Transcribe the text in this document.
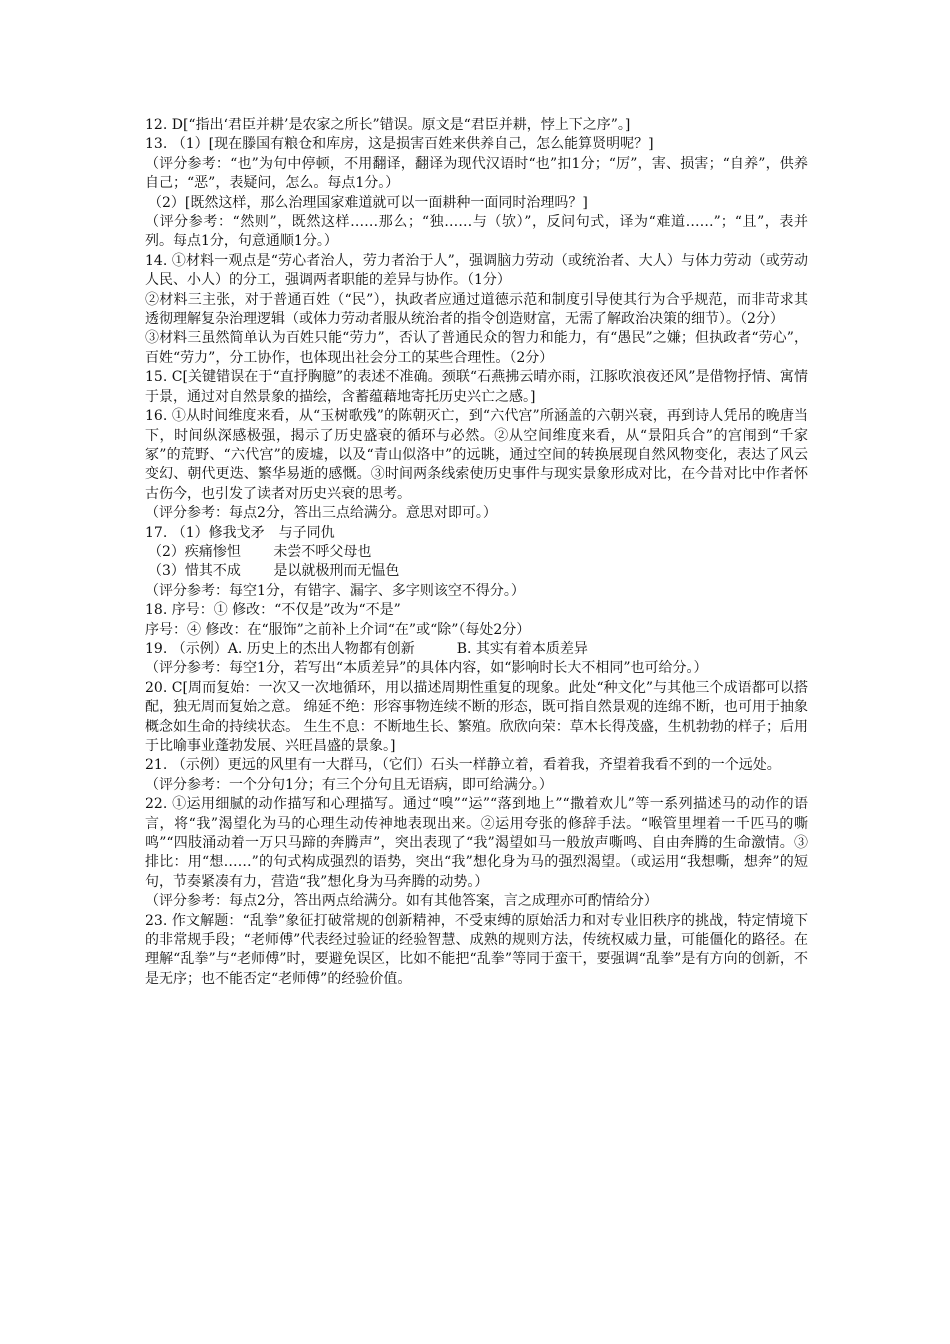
12. D[“指出‘君臣并耕’是农家之所长”错误。原文是“君臣并耕，悖上下之序”。]

13. （1）[现在滕国有粮仓和库房，这是损害百姓来供养自己，怎么能算贤明呢？]

（评分参考：“也”为句中停顿，不用翻译，翻译为现代汉语时“也”扣1分；“厉”，害、损害；“自养”，供养自己；“恶”，表疑问，怎么。每点1分。）

（2）[既然这样，那么治理国家难道就可以一面耕种一面同时治理吗？]

（评分参考：“然则”，既然这样……那么；“独……与（欤）”，反问句式，译为“难道……”；“且”，表并列。每点1分，句意通顺1分。）

14. ①材料一观点是“劳心者治人，劳力者治于人”，强调脑力劳动（或统治者、大人）与体力劳动（或劳动人民、小人）的分工，强调两者职能的差异与协作。（1分）

②材料三主张，对于普通百姓（“民”），执政者应通过道德示范和制度引导使其行为合乎规范，而非苛求其透彻理解复杂治理逻辑（或体力劳动者服从统治者的指令创造财富，无需了解政治决策的细节）。（2分）

③材料三虽然简单认为百姓只能“劳力”，否认了普通民众的智力和能力，有“愚民”之嫌；但执政者“劳心”，百姓“劳力”，分工协作，也体现出社会分工的某些合理性。（2分）

15. C[关键错误在于“直抒胸臆”的表述不准确。颈联“石燕拂云晴亦雨，江豚吹浪夜还风”是借物抒情、寓情于景，通过对自然景象的描绘，含蓄蕴藉地寄托历史兴亡之感。]

16. ①从时间维度来看，从“玉树歌残”的陈朝灭亡，到“六代宫”所涵盖的六朝兴衰，再到诗人凭吊的晚唐当下，时间纵深感极强，揭示了历史盛衰的循环与必然。②从空间维度来看，从“景阳兵合”的宫闱到“千家冢”的荒野、“六代宫”的废墟，以及“青山似洛中”的远眺，通过空间的转换展现自然风物变化，表达了风云变幻、朝代更迭、繁华易逝的感慨。③时间两条线索使历史事件与现实景象形成对比，在今昔对比中作者怀古伤今，也引发了读者对历史兴衰的思考。

（评分参考：每点2分，答出三点给满分。意思对即可。）

17. （1）修我戈矛　与子同仇

（2）疾痛惨怛　　 未尝不呼父母也

（3）惜其不成　　 是以就极刑而无愠色

（评分参考：每空1分，有错字、漏字、多字则该空不得分。）

18. 序号：① 修改：“不仅是”改为“不是”

序号：④ 修改：在“服饰”之前补上介词“在”或“除”（每处2分）

19. （示例）A. 历史上的杰出人物都有创新　　　B. 其实有着本质差异

（评分参考：每空1分，若写出“本质差异”的具体内容，如“影响时长大不相同”也可给分。）

20. C[周而复始：一次又一次地循环，用以描述周期性重复的现象。此处“种文化”与其他三个成语都可以搭配，独无周而复始之意。 绵延不绝：形容事物连续不断的形态，既可指自然景观的连绵不断，也可用于抽象概念如生命的持续状态。 生生不息：不断地生长、繁殖。欣欣向荣：草木长得茂盛，生机勃勃的样子；后用于比喻事业蓬勃发展、兴旺昌盛的景象。]

21. （示例）更远的风里有一大群马，（它们）石头一样静立着，看着我，齐望着我看不到的一个远处。

（评分参考：一个分句1分；有三个分句且无语病，即可给满分。）

22. ①运用细腻的动作描写和心理描写。通过“嗅”“运”“落到地上”“撒着欢儿”等一系列描述马的动作的语言，将“我”渴望化为马的心理生动传神地表现出来。②运用夸张的修辞手法。“喉管里埋着一千匹马的嘶鸣”“四肢涌动着一万只马蹄的奔腾声”，突出表现了“我”渴望如马一般放声嘶鸣、自由奔腾的生命激情。③排比：用“想……”的句式构成强烈的语势，突出“我”想化身为马的强烈渴望。（或运用“我想嘶，想奔”的短句，节奏紧凑有力，营造“我”想化身为马奔腾的动势。）

（评分参考：每点2分，答出两点给满分。如有其他答案，言之成理亦可酌情给分）

23. 作文解题：“乱拳”象征打破常规的创新精神，不受束缚的原始活力和对专业旧秩序的挑战，特定情境下的非常规手段；“老师傅”代表经过验证的经验智慧、成熟的规则方法，传统权威力量，可能僵化的路径。在理解“乱拳”与“老师傅”时，要避免误区，比如不能把“乱拳”等同于蛮干，要强调“乱拳”是有方向的创新，不是无序；也不能否定“老师傅”的经验价值。
